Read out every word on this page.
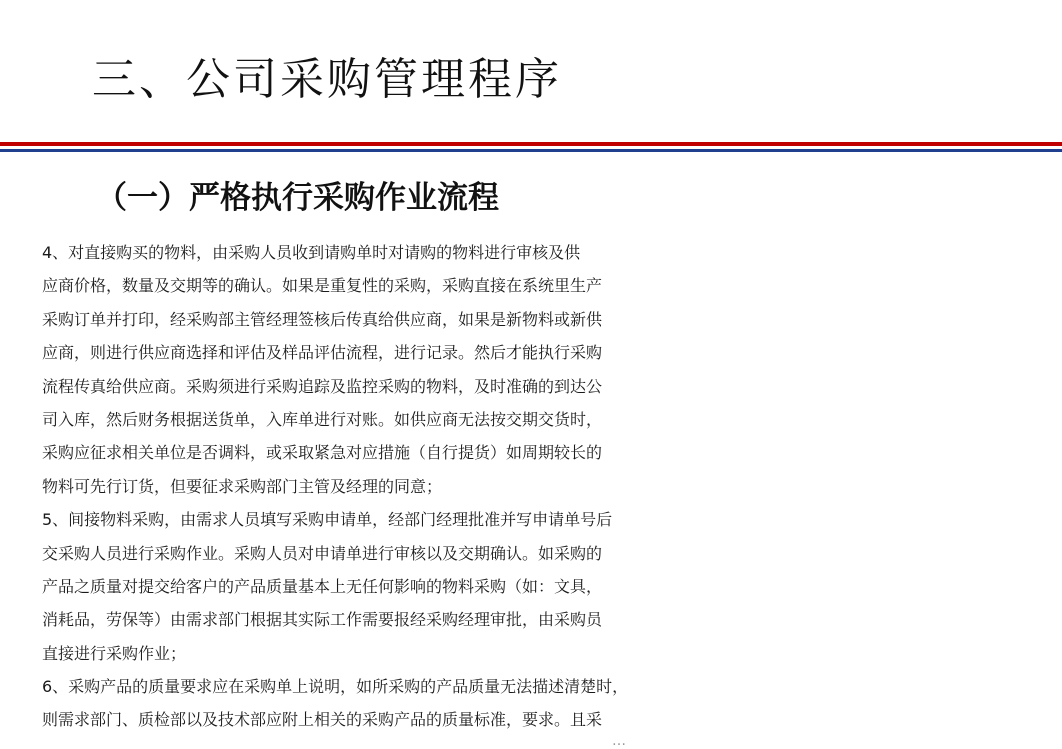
三、公司采购管理程序
（一）严格执行采购作业流程
4、对直接购买的物料，由采购人员收到请购单时对请购的物料进行审核及供
应商价格，数量及交期等的确认。如果是重复性的采购，采购直接在系统里生产
采购订单并打印，经采购部主管经理签核后传真给供应商，如果是新物料或新供
应商，则进行供应商选择和评估及样品评估流程，进行记录。然后才能执行采购
流程传真给供应商。采购须进行采购追踪及监控采购的物料，及时准确的到达公
司入库，然后财务根据送货单，入库单进行对账。如供应商无法按交期交货时，
采购应征求相关单位是否调料，或采取紧急对应措施（自行提货）如周期较长的
物料可先行订货，但要征求采购部门主管及经理的同意；
5、间接物料采购，由需求人员填写采购申请单，经部门经理批准并写申请单号后
交采购人员进行采购作业。采购人员对申请单进行审核以及交期确认。如采购的
产品之质量对提交给客户的产品质量基本上无任何影响的物料采购（如：文具，
消耗品，劳保等）由需求部门根据其实际工作需要报经采购经理审批，由采购员
直接进行采购作业；
6、采购产品的质量要求应在采购单上说明，如所采购的产品质量无法描述清楚时，
则需求部门、质检部以及技术部应附上相关的采购产品的质量标准，要求。且采
…
